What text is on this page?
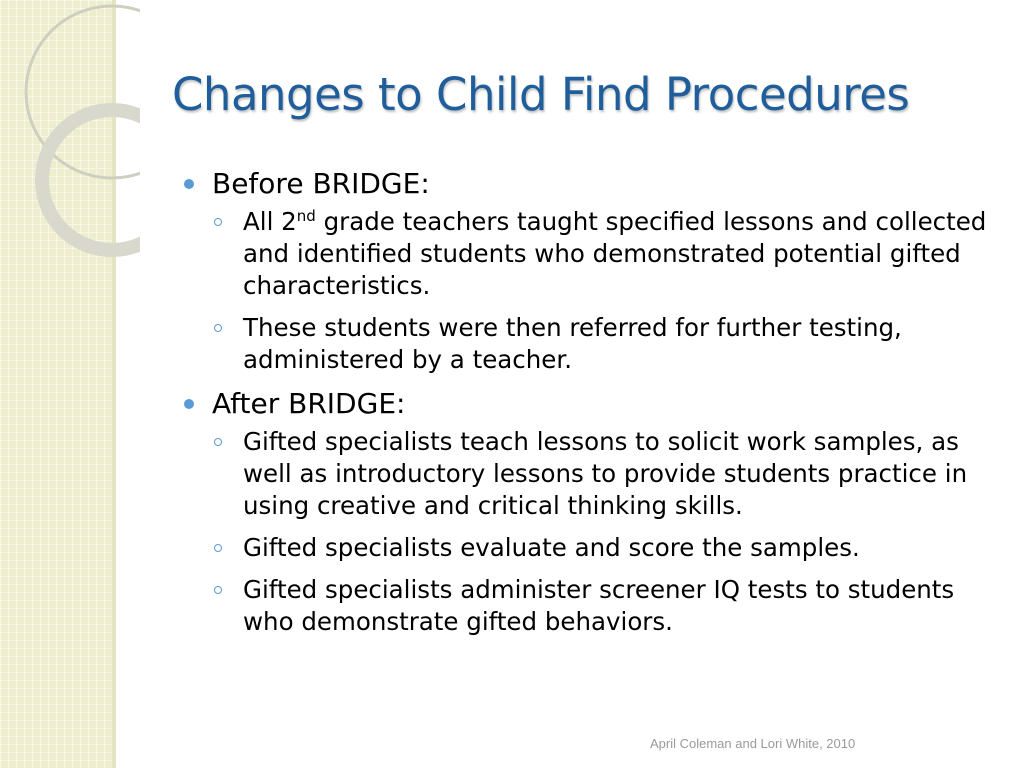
Changes to Child Find Procedures
Before BRIDGE:
All 2nd grade teachers taught specified lessons and collected and identified students who demonstrated potential gifted characteristics.
These students were then referred for further testing, administered by a teacher.
After BRIDGE:
Gifted specialists teach lessons to solicit work samples, as well as introductory lessons to provide students practice in using creative and critical thinking skills.
Gifted specialists evaluate and score the samples.
Gifted specialists administer screener IQ tests to students who demonstrate gifted behaviors.
April Coleman and Lori White, 2010
